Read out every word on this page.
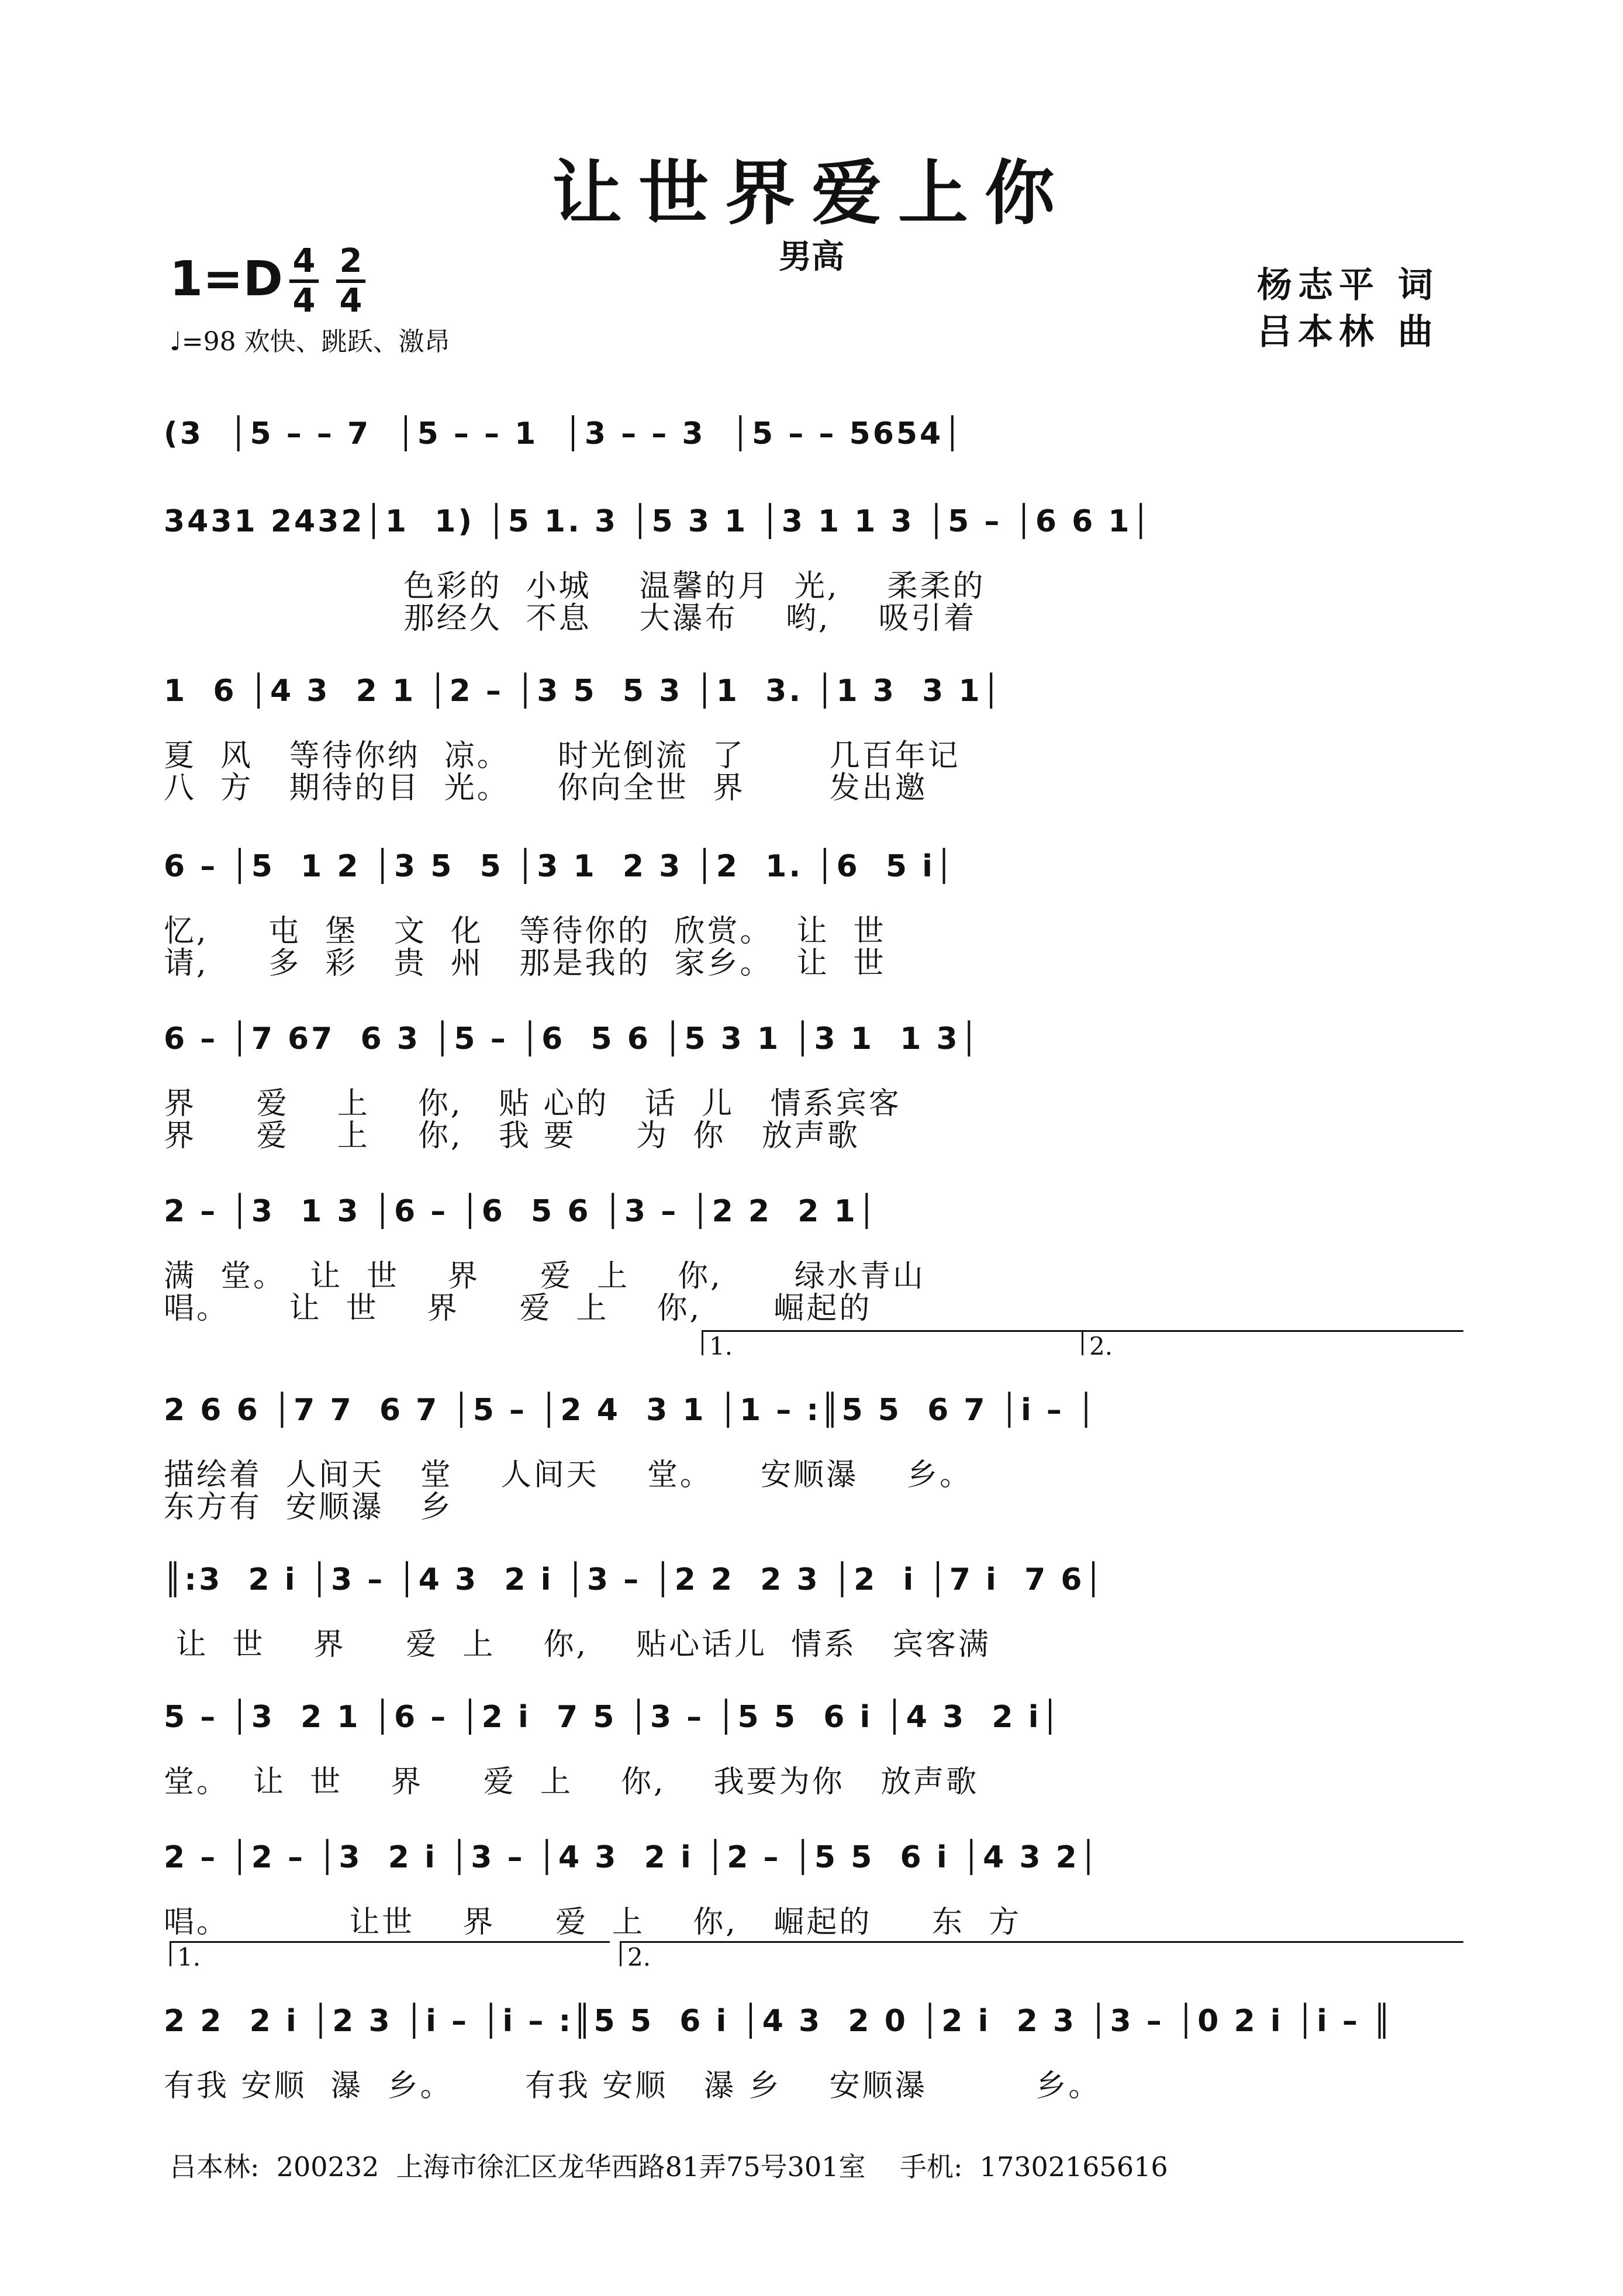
让世界爱上你
男高
1=D 4
4
2
4
♩=98 欢快、跳跃、激昂
杨志平 词
吕本林 曲
(3  │5 – – 7  │5 – – 1  │3 – – 3  │5 – – 5654│
3431 2432│1  1) │5 1. 3 │5 3 1 │3 1 1 3 │5 – │6 6 1│
色彩的  小城    温馨的月  光,    柔柔的
那经久  不息    大瀑布    哟,    吸引着
1  6 │4 3  2 1 │2 – │3 5  5 3 │1  3. │1 3  3 1│
夏  风   等待你纳  凉。    时光倒流  了       几百年记
八  方   期待的目  光。    你向全世  界       发出邀
6 – │5  1 2 │3 5  5 │3 1  2 3 │2  1. │6  5 i│
忆,     屯  堡   文  化   等待你的  欣赏。  让  世
请,     多  彩   贵  州   那是我的  家乡。  让  世
6 – │7 67  6 3 │5 – │6  5 6 │5 3 1 │3 1  1 3│
界     爱    上    你,   贴 心的   话  儿   情系宾客
界     爱    上    你,   我 要     为  你   放声歌
2 – │3  1 3 │6 – │6  5 6 │3 – │2 2  2 1│
满  堂。  让  世    界     爱  上    你,      绿水青山
唱。     让  世    界     爱  上    你,      崛起的
1.	2.
2 6 6 │7 7  6 7 │5 – │2 4  3 1 │1 – :║5 5  6 7 │i – │
描绘着  人间天   堂    人间天    堂。    安顺瀑    乡。
东方有  安顺瀑   乡
║:3  2 i │3 – │4 3  2 i │3 – │2 2  2 3 │2  i │7 i  7 6│
让  世    界     爱  上    你,    贴心话儿  情系   宾客满
5 – │3  2 1 │6 – │2 i  7 5 │3 – │5 5  6 i │4 3  2 i│
堂。  让  世    界     爱  上    你,    我要为你   放声歌
2 – │2 – │3  2 i │3 – │4 3  2 i │2 – │5 5  6 i │4 3 2│
唱。          让世    界     爱  上    你,   崛起的     东  方
1.	2.
2 2  2 i │2 3 │i – │i – :║5 5  6 i │4 3  2 0 │2 i  2 3 │3 – │0 2 i │i – ║
有我 安顺  瀑  乡。      有我 安顺   瀑 乡    安顺瀑         乡。
吕本林:  200232  上海市徐汇区龙华西路81弄75号301室    手机:  17302165616
